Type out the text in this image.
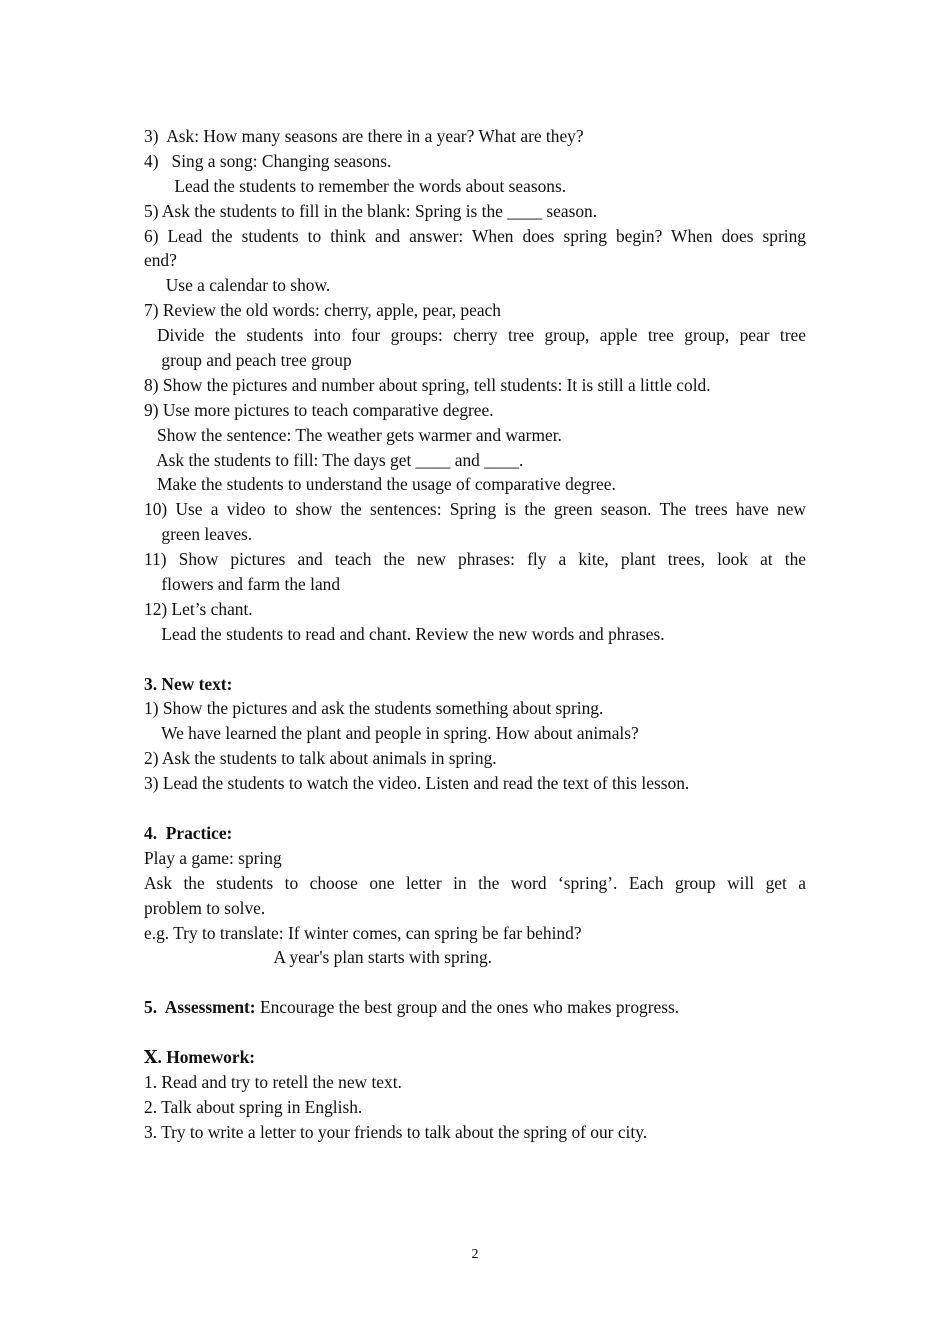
3)  Ask: How many seasons are there in a year? What are they?
4)   Sing a song: Changing seasons.
Lead the students to remember the words about seasons.
5) Ask the students to fill in the blank: Spring is the ____ season.
6) Lead the students to think and answer: When does spring begin? When does spring
end?
Use a calendar to show.
7) Review the old words: cherry, apple, pear, peach
Divide the students into four groups: cherry tree group, apple tree group, pear tree
group and peach tree group
8) Show the pictures and number about spring, tell students: It is still a little cold.
9) Use more pictures to teach comparative degree.
Show the sentence: The weather gets warmer and warmer.
Ask the students to fill: The days get ____ and ____.
Make the students to understand the usage of comparative degree.
10) Use a video to show the sentences: Spring is the green season. The trees have new
green leaves.
11) Show pictures and teach the new phrases: fly a kite, plant trees, look at the
flowers and farm the land
12) Let’s chant.
Lead the students to read and chant. Review the new words and phrases.
3. New text:
1) Show the pictures and ask the students something about spring.
We have learned the plant and people in spring. How about animals?
2) Ask the students to talk about animals in spring.
3) Lead the students to watch the video. Listen and read the text of this lesson.
4.  Practice:
Play a game: spring
Ask the students to choose one letter in the word ‘spring’. Each group will get a
problem to solve.
e.g. Try to translate: If winter comes, can spring be far behind?
A year's plan starts with spring.
5.  Assessment: Encourage the best group and the ones who makes progress.
Ⅹ. Homework:
1. Read and try to retell the new text.
2. Talk about spring in English.
3. Try to write a letter to your friends to talk about the spring of our city.
2
